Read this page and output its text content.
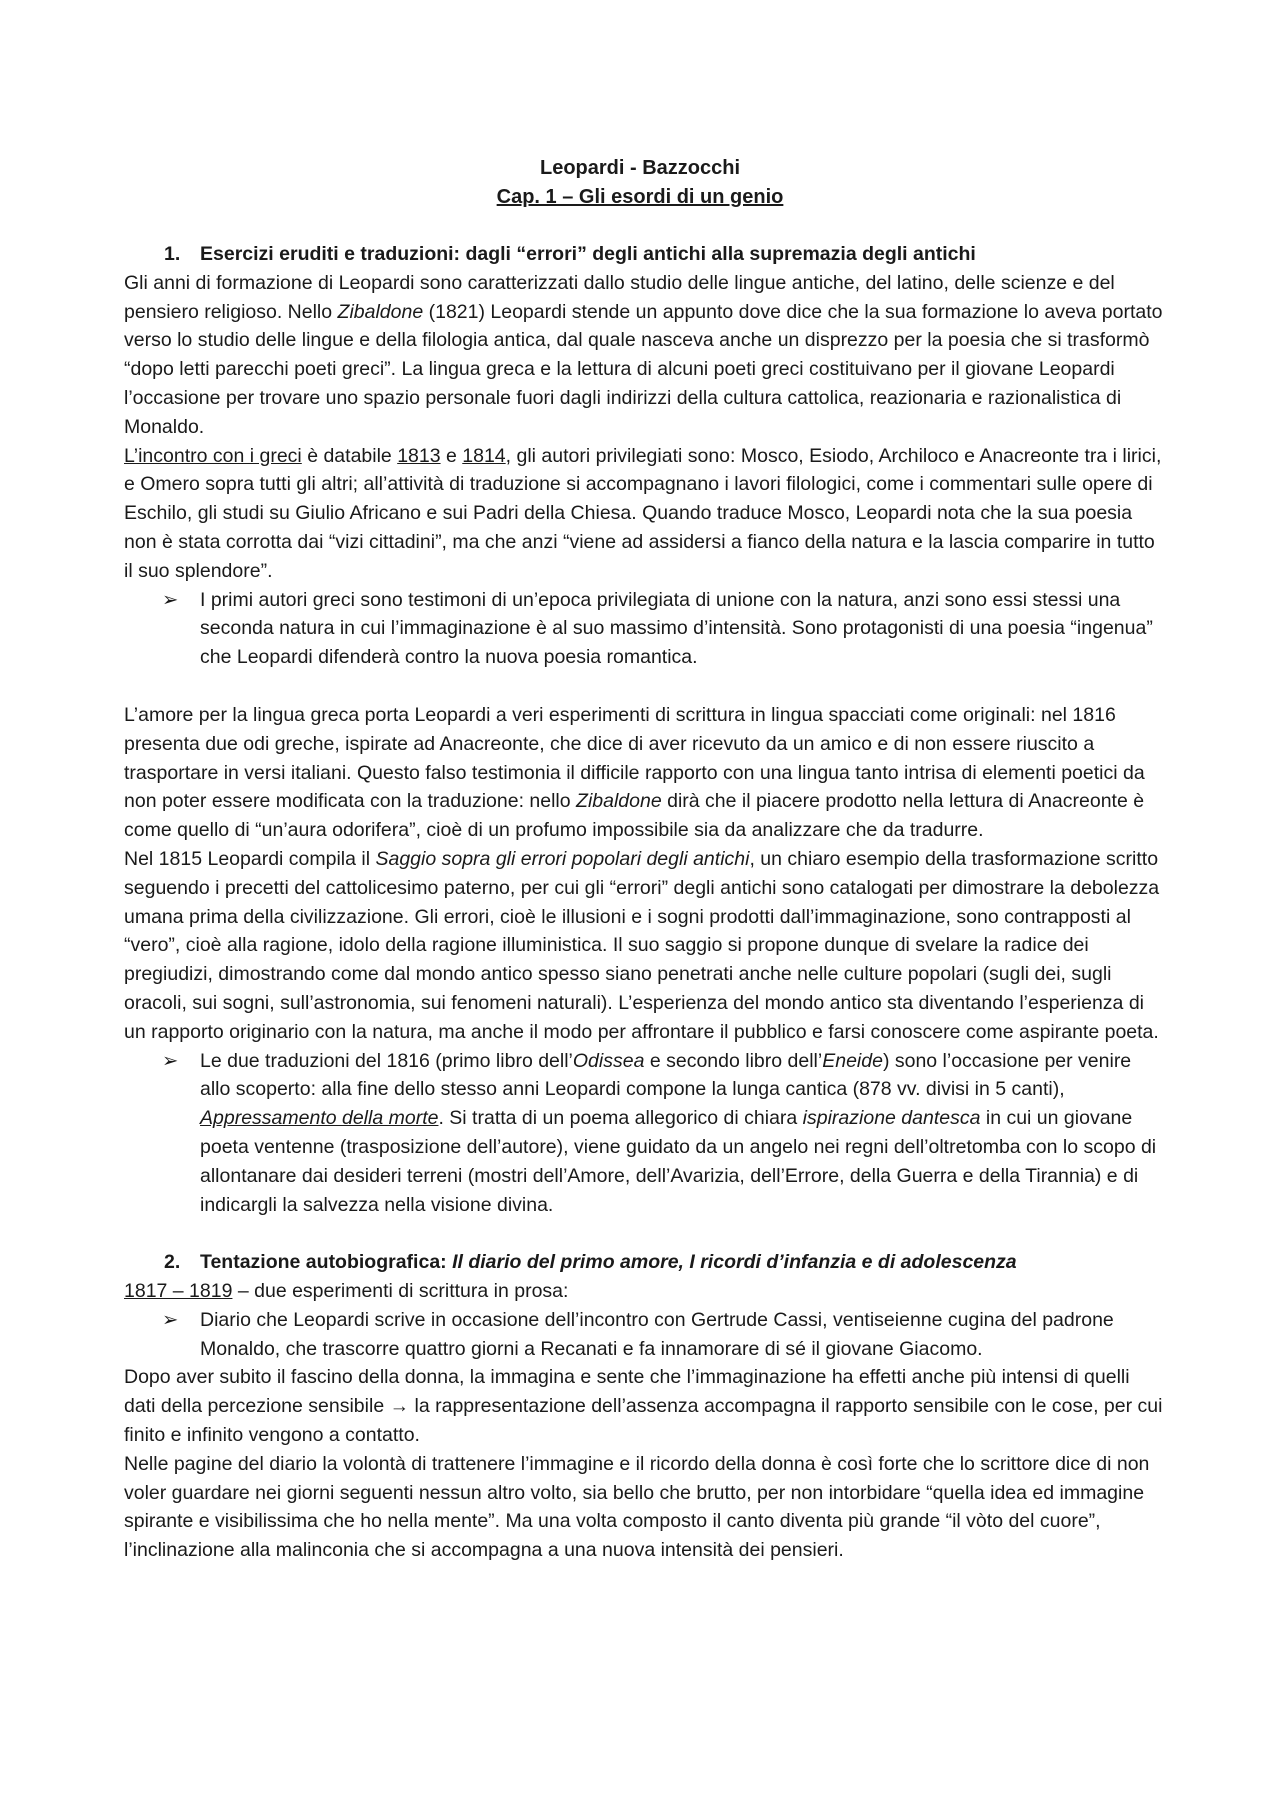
Leopardi - Bazzocchi
Cap. 1 – Gli esordi di un genio
1. Esercizi eruditi e traduzioni: dagli “errori” degli antichi alla supremazia degli antichi

Gli anni di formazione di Leopardi sono caratterizzati dallo studio delle lingue antiche, del latino, delle scienze e del pensiero religioso. Nello Zibaldone (1821) Leopardi stende un appunto dove dice che la sua formazione lo aveva portato verso lo studio delle lingue e della filologia antica, dal quale nasceva anche un disprezzo per la poesia che si trasformò “dopo letti parecchi poeti greci”. La lingua greca e la lettura di alcuni poeti greci costituivano per il giovane Leopardi l’occasione per trovare uno spazio personale fuori dagli indirizzi della cultura cattolica, reazionaria e razionalistica di Monaldo.

L’incontro con i greci è databile 1813 e 1814, gli autori privilegiati sono: Mosco, Esiodo, Archiloco e Anacreonte tra i lirici, e Omero sopra tutti gli altri; all’attività di traduzione si accompagnano i lavori filologici, come i commentari sulle opere di Eschilo, gli studi su Giulio Africano e sui Padri della Chiesa. Quando traduce Mosco, Leopardi nota che la sua poesia non è stata corrotta dai “vizi cittadini”, ma che anzi “viene ad assidersi a fianco della natura e la lascia comparire in tutto il suo splendore”.

➢ I primi autori greci sono testimoni di un’epoca privilegiata di unione con la natura, anzi sono essi stessi una seconda natura in cui l’immaginazione è al suo massimo d’intensità. Sono protagonisti di una poesia “ingenua” che Leopardi difenderà contro la nuova poesia romantica.

L’amore per la lingua greca porta Leopardi a veri esperimenti di scrittura in lingua spacciati come originali: nel 1816 presenta due odi greche, ispirate ad Anacreonte, che dice di aver ricevuto da un amico e di non essere riuscito a trasportare in versi italiani. Questo falso testimonia il difficile rapporto con una lingua tanto intrisa di elementi poetici da non poter essere modificata con la traduzione: nello Zibaldone dirà che il piacere prodotto nella lettura di Anacreonte è come quello di “un’aura odorifera”, cioè di un profumo impossibile sia da analizzare che da tradurre.

Nel 1815 Leopardi compila il Saggio sopra gli errori popolari degli antichi, un chiaro esempio della trasformazione scritto seguendo i precetti del cattolicesimo paterno, per cui gli “errori” degli antichi sono catalogati per dimostrare la debolezza umana prima della civilizzazione. Gli errori, cioè le illusioni e i sogni prodotti dall’immaginazione, sono contrapposti al “vero”, cioè alla ragione, idolo della ragione illuministica. Il suo saggio si propone dunque di svelare la radice dei pregiudizi, dimostrando come dal mondo antico spesso siano penetrati anche nelle culture popolari (sugli dei, sugli oracoli, sui sogni, sull’astronomia, sui fenomeni naturali). L’esperienza del mondo antico sta diventando l’esperienza di un rapporto originario con la natura, ma anche il modo per affrontare il pubblico e farsi conoscere come aspirante poeta.

➢ Le due traduzioni del 1816 (primo libro dell’Odissea e secondo libro dell’Eneide) sono l’occasione per venire allo scoperto: alla fine dello stesso anni Leopardi compone la lunga cantica (878 vv. divisi in 5 canti), Appressamento della morte. Si tratta di un poema allegorico di chiara ispirazione dantesca in cui un giovane poeta ventenne (trasposizione dell’autore), viene guidato da un angelo nei regni dell’oltretomba con lo scopo di allontanare dai desideri terreni (mostri dell’Amore, dell’Avarizia, dell’Errore, della Guerra e della Tirannia) e di indicargli la salvezza nella visione divina.
2. Tentazione autobiografica: Il diario del primo amore, I ricordi d’infanzia e di adolescenza

1817 – 1819 – due esperimenti di scrittura in prosa:

➢ Diario che Leopardi scrive in occasione dell’incontro con Gertrude Cassi, ventiseienne cugina del padrone Monaldo, che trascorre quattro giorni a Recanati e fa innamorare di sé il giovane Giacomo.

Dopo aver subito il fascino della donna, la immagina e sente che l’immaginazione ha effetti anche più intensi di quelli dati della percezione sensibile → la rappresentazione dell’assenza accompagna il rapporto sensibile con le cose, per cui finito e infinito vengono a contatto.

Nelle pagine del diario la volontà di trattenere l’immagine e il ricordo della donna è così forte che lo scrittore dice di non voler guardare nei giorni seguenti nessun altro volto, sia bello che brutto, per non intorbidare “quella idea ed immagine spirante e visibilissima che ho nella mente”. Ma una volta composto il canto diventa più grande “il vòto del cuore”, l’inclinazione alla malinconia che si accompagna a una nuova intensità dei pensieri.
